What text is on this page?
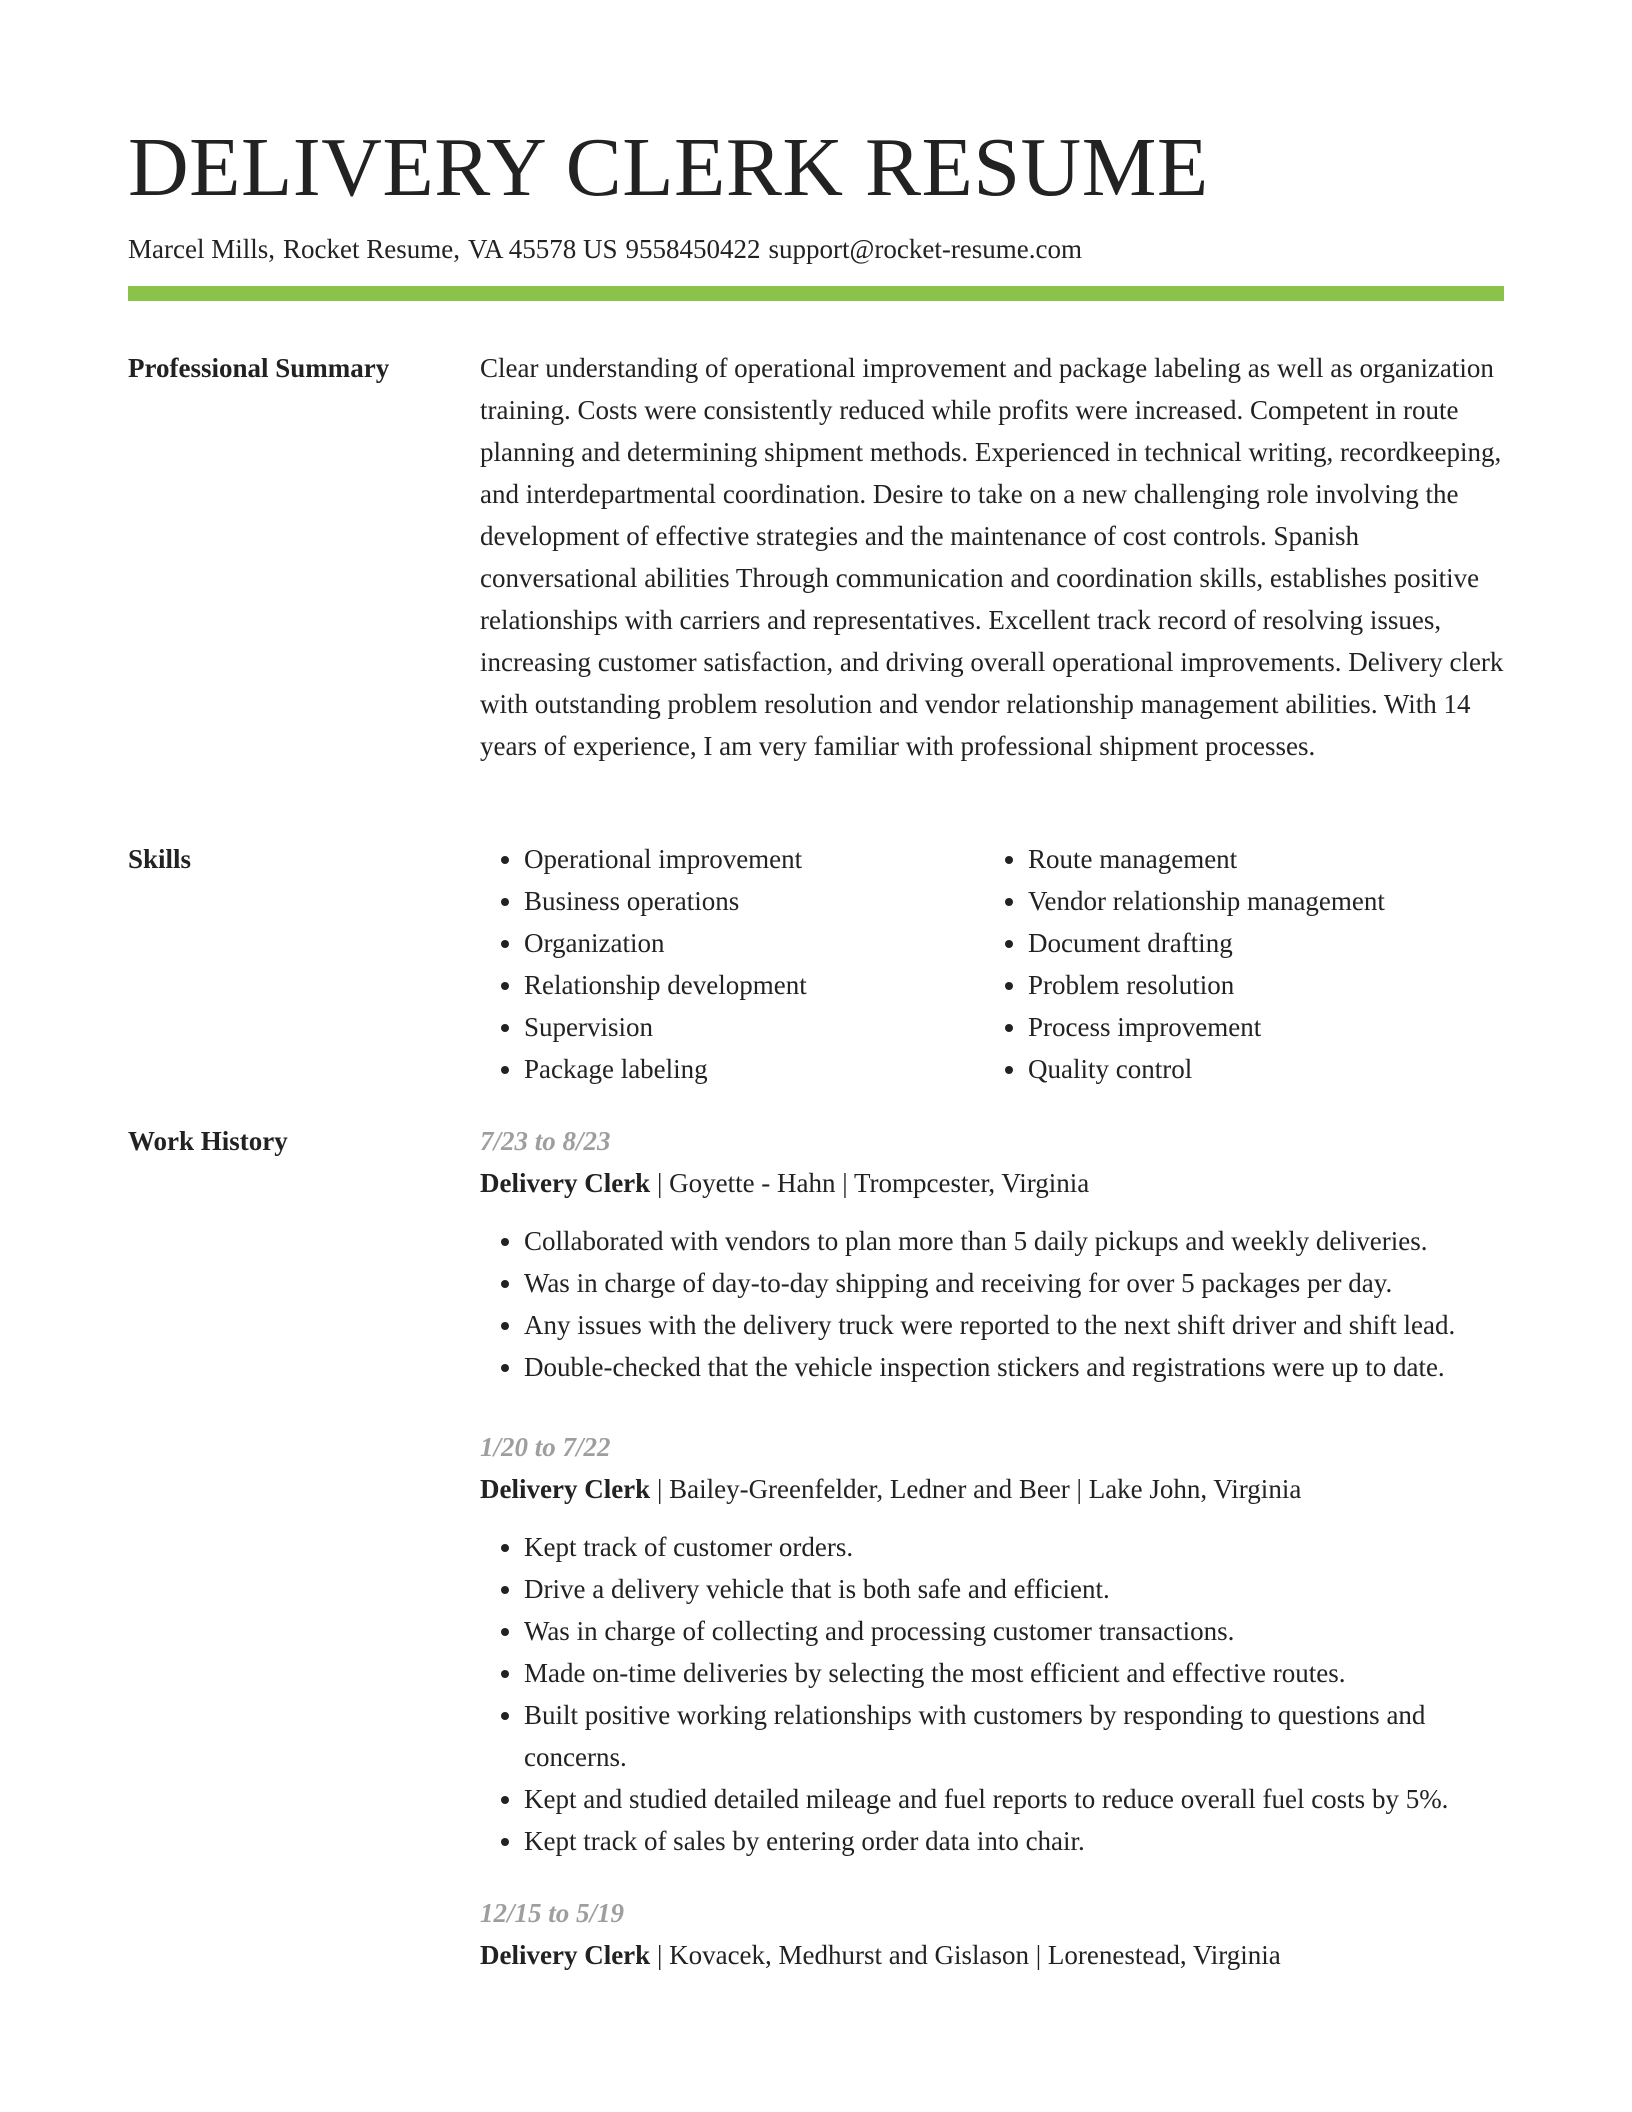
DELIVERY CLERK RESUME
Marcel Mills, Rocket Resume, VA 45578 US 9558450422 support@rocket-resume.com
Professional Summary	Clear understanding of operational improvement and package labeling as well as organization training. Costs were consistently reduced while profits were increased. Competent in route planning and determining shipment methods. Experienced in technical writing, recordkeeping, and interdepartmental coordination. Desire to take on a new challenging role involving the development of effective strategies and the maintenance of cost controls. Spanish conversational abilities Through communication and coordination skills, establishes positive relationships with carriers and representatives. Excellent track record of resolving issues, increasing customer satisfaction, and driving overall operational improvements. Delivery clerk with outstanding problem resolution and vendor relationship management abilities. With 14 years of experience, I am very familiar with professional shipment processes.

Skills
•	Operational improvement
• Business operations
• Organization
• Relationship development
• Supervision
• Package labeling
• Route management
• Vendor relationship management
• Document drafting
• Problem resolution
• Process improvement
• Quality control
Work History	7/23 to 8/23
Delivery Clerk | Goyette - Hahn | Trompcester, Virginia
• Collaborated with vendors to plan more than 5 daily pickups and weekly deliveries.
• Was in charge of day-to-day shipping and receiving for over 5 packages per day.
• Any issues with the delivery truck were reported to the next shift driver and shift lead.
• Double-checked that the vehicle inspection stickers and registrations were up to date.
1/20 to 7/22
Delivery Clerk | Bailey-Greenfelder, Ledner and Beer | Lake John, Virginia
• Kept track of customer orders.
• Drive a delivery vehicle that is both safe and efficient.
• Was in charge of collecting and processing customer transactions.
• Made on-time deliveries by selecting the most efficient and effective routes.
• Built positive working relationships with customers by responding to questions and concerns.
• Kept and studied detailed mileage and fuel reports to reduce overall fuel costs by 5%.
• Kept track of sales by entering order data into chair.
12/15 to 5/19
Delivery Clerk | Kovacek, Medhurst and Gislason | Lorenestead, Virginia
